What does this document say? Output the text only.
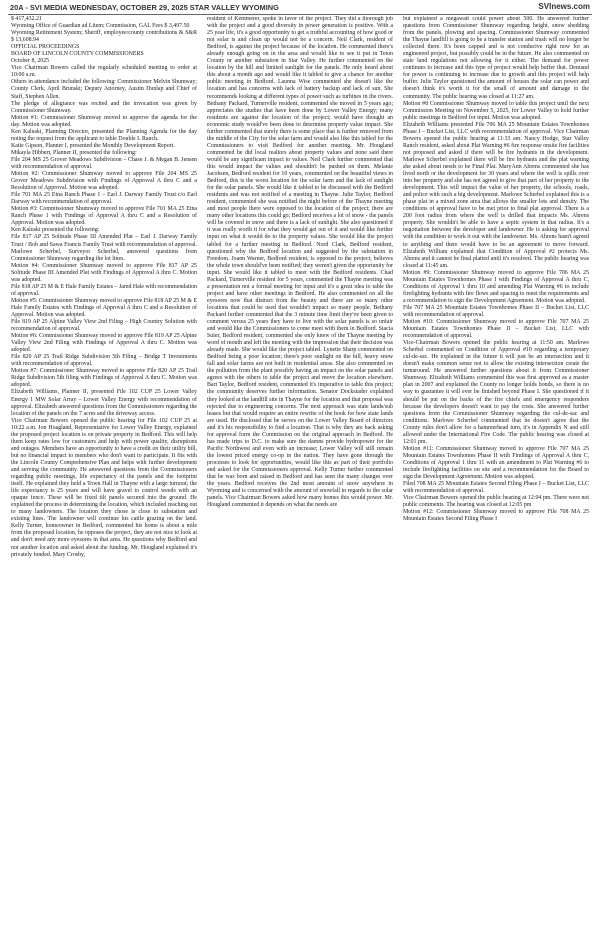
20A - SVI MEDIA WEDNESDAY, OCTOBER 29, 2025 STAR VALLEY WYOMING	SVInews.com

$ 417,432.21

Wyoming Office of Guardian ad Litem; Commission, GAL Fees $ 3,497.50

Wyoming Retirement System; Sheriff, employee/county contributions & S&R $ 13,608.94

OFFICIAL PROCEEDINGS

BOARD OF LINCOLN COUNTY COMMISSIONERS

October 8, 2025

Vice Chairman Bowers called the regularly scheduled meeting to order at 10:00 a.m.

Others in attendance included the following: Commissioner Melvin Shumway; County Clerk, April Brunski; Deputy Attorney, Austin Dunlap and Chief of Staff, Stephen Allen.

The pledge of allegiance was recited and the invocation was given by Commissioner Shumway.

Motion #1: Commissioner Shumway moved to approve the agenda for the day. Motion was adopted.

Ken Kaluski, Planning Director, presented the Planning Agenda for the day noting the request from the applicant to table Double L Ranch.

Katie Gipson, Planner I, presented the Monthly Development Report.

Mikayla Hibbert, Planner II, presented the following:

File 204 MS 25 Grover Meadows Subdivision – Chase J. & Megan B. Jensen with recommendation of approval.

Motion #2: Commissioner Shumway moved to approve File 204 MS 25 Grover Meadows Subdivision with Findings of Approval A thru C and a Resolution of Approval. Motion was adopted.

File 701 MA 25 Etna Ranch Phase 1 – Earl J. Darway Family Trust c/o Earl Darway with recommendation of approval.

Motion #3: Commissioner Shumway moved to approve File 701 MA 25 Etna Ranch Phase 1 with Findings of Approval A thru C and a Resolution of Approval. Motion was adopted.

Ken Kaluski presented the following:

File 817 AP 25 Solitude Phase III Amended Plat – Earl J. Darway Family Trust / Bob and Sawa Francis Family Trust with recommendation of approval. Marlowe Scherbel, Surveyor Scherbel, answered questions from Commissioner Shumway regarding the lot lines.

Motion #4: Commissioner Shumway moved to approve File 817 AP 25 Solitude Phase III Amended Plat with Findings of Approval A thru C. Motion was adopted.

File 818 AP 25 M & E Hale Family Estates – Jared Hale with recommendation of approval.

Motion #5: Commissioner Shumway moved to approve File 818 AP 25 M & E Hale Family Estates with Findings of Approval A thru C and a Resolution of Approval. Motion was adopted.

File 819 AP 25 Alpine Valley View 2nd Filing – High Country Solution with recommendation of approval.

Motion #6: Commissioner Shumway moved to approve File 819 AP 25 Alpine Valley View 2nd Filing with Findings of Approval A thru C. Motion was adopted.

File 820 AP 25 Trail Ridge Subdivision 5th Filing – Bridge T Investments with recommendation of approval.

Motion #7: Commissioner Shumway moved to approve File 820 AP 25 Trail Ridge Subdivision 5th filing with Findings of Approval A thru C. Motion was adopted.

Elizabeth Williams, Planner II, presented File 102 CUP 25 Lower Valley Energy 1 MW Solar Array – Lower Valley Energy with recommendation of approval. Elizabeth answered questions from the Commissioners regarding the location of the panels on the 7 acres and the driveway access.

Vice Chairman Bowers opened the public hearing for File 102 CUP 25 at 10:22 a.m. Jon Hoagland, Representative for Lower Valley Energy, explained the proposed project location is on private property in Bedford. This will help them keep rates low for customers and help with power quality, disruptions and outages. Members have an opportunity to have a credit on their utility bill, but no financial impact to members who don't want to participate. It fits with the Lincoln County Comprehensive Plan and helps with further development and serving the community. He answered questions from the Commissioners regarding public meetings, life expectancy of the panels and the footprint itself. He explained they held a Town Hall in Thayne with a large turnout; the life expectancy is 25 years and will have gravel to control weeds with an opaque fence. These will be fixed tilt panels secured into the ground. He explained the process in determining the location, which included reaching out to many landowners. The location they chose is close to substation and existing lines. The landowner will continue his cattle grazing on the land. Kelly Turner, homeowner in Bedford, commented his home is about a mile from the proposed location, he opposes the project, they are not nice to look at and don't need any more eyesores in that area. He questions why Bedford and not another location and asked about the funding. Mr. Hougland explained it's privately funded. Mary Crosby,

resident of Kemmerer, spoke in favor of the project. They did a thorough job with the project and a good diversity in power generation is positive. With a 25 year life, it's a good opportunity to get a truthful accounting of how good or not solar is and clean up would not be a concern. Neil Clark, resident of Bedford, is against the project because of the location. He commented there's already enough going on in the area and would like to see it put in Teton County or another substation in Star Valley. He further commented on the location by the hill and limited sunlight for the panels. He only heard about this about a month ago and would like it tabled to give a chance for another public meeting in Bedford. Launna Wise commented she doesn't like the location and has concerns with lack of battery backup and lack of sun. She recommends looking at different types of power such as turbines in the rivers. Bethany Packard, Turnerville resident, commented she moved in 5 years ago; appreciates the studies that have been done by Lower Valley Energy; many residents are against the location of the project; would have thought an economic study would've been done to determine property value impact. She further commented that surely there is some place that is further removed from the middle of the City for the solar farm and would also like this tabled for the Commissioners to visit Bedford for another meeting. Mr. Hougland commented he did local realtors about property values and none said there would be any significant impact to values. Neil Clark further commented that this would impact the values and shouldn't be pushed on them. Melanie Jacobsen, Bedford resident for 10 years, commented on the beautiful views in Bedford, this is the worst location for the solar farm and the lack of sunlight for the solar panels. She would like it tabled to be discussed with the Bedford residents and was not notified of a meeting in Thayne. Julie Taylor, Bedford resident, commented she was notified the night before of the Thayne meeting and most people there were opposed to the location of the project; there are many other locations this could go; Bedford receives a lot of snow - the panels will be covered in snow and there is a lack of sunlight. She also questioned if it was really worth it for what they would get out of it and would like further input on what it would do to the property values. She would like the project tabled for a further meeting in Bedford. Nord Clark, Bedford resident, questioned why the Bedford location and suggested by the substation in Freedom. Joann Warner, Bedford resident, is opposed to the project; believes the whole town should've been notified; they weren't given the opportunity for input. She would like it tabled to meet with the Bedford residents. Chad Packard, Turnerville resident for 5 years, commented the Thayne meeting was a presentation not a formal meeting for input and it's a great idea to table the project and have other meetings in Bedford. He also commented on all the eyesores now that distract from the beauty and there are so many other locations that could be used that wouldn't impact so many people. Bethany Packard further commented that the 3 minute time limit they've been given to comment versus 25 years they have to live with the solar panels is so unfair and would like the Commissioners to come meet with them in Bedford. Stacia Suter, Bedford resident, commented she only knew of the Thayne meeting by word of mouth and left the meeting with the impression that their decision was already made. She would like the project tabled. Lynette Sharp commented on Bedford being a poor location; there's poor sunlight on the hill, heavy snow fall and solar farms are not built in residential areas. She also commented on the pollution from the plant possibly having an impact on the solar panels and agrees with the others to table the project and move the location elsewhere. Bart Taylor, Bedford resident, commented it's imperative to table this project; the community deserves further information. Senator Dockstader explained they looked at the landfill site in Thayne for the location and that proposal was rejected due to engineering concerns. The next approach was state lands/sub leases but that would require an entire rewrite of the book for how state lands are used. He disclosed that he serves on the Lower Valley Board of directors and it's his responsibility to find a location. That is why they are back asking for approval form the Commission on the original approach in Bedford. He has made trips to D.C. to make sure the damns provide hydropower for the Pacific Northwest and even with an increase; Lower Valley will still remain the lowest priced energy co-op in the nation. They have gone through the processes to look for opportunities, would like this as part of their portfolio and asked for the Commissioners approval. Kelly Turner further commented that he was born and raised in Bedford and has seen the many changes over the years. Bedford receives the 2nd most amount of snow anywhere in Wyoming and is concerned with the amount of snowfall in regards to the solar panels. Vice Chairman Bowers asked how many homes this would power. Mr. Hougland commented it depends on what the needs are

but explained a megawatt could power about 500. He answered further questions from Commissioner Shumway regarding height, snow shedding from the panels, plowing and spacing. Commissioner Shumway commented the Thayne landfill is going to be a transfer station and trash will no longer be collected there. It's been capped and is not conducive right now for an engineered project, but possibly could be in the future. He also commented on state land regulations not allowing for it either. The demand for power continues to increase and this type of project would help buffer that. Demand for power is continuing to increase due to growth and this project will help buffer. Julie Taylor questioned the amount of houses the solar can power and doesn't think it's worth it for the small of amount and damage to the community. The public hearing was closed at 11:27 am.

Motion #8 Commissioner Shumway moved to table this project until the next Commission Meeting on November 5, 2025, for Lower Valley to hold further public meetings in Bedford for input. Motion was adopted.

Elizabeth Williams presented File 706 MA 25 Mountain Estates Townhomes Phase I – Bucket List, LLC with recommendation of approval. Vice Chairman Bowers opened the public hearing at 11:33 am. Nancy Hodge, Star Valley Ranch resident, asked about Plat Warning #6 fire response onsite fire facilities not proposed and asked if there will be fire hydrants in the development. Marlowe Scherbel explained there will be fire hydrants and the plat warning she asked about needs to be Final Plat. MaryAnn Ahrens commented she has lived north or the development for 30 years and where the well is spills over into her property and she has not agreed to give that part of her property to the development. This will impact the value of her property, the schools, roads, and police with such a big development. Marlowe Scherbel explained this is a phase plat in a mixed zone area that allows the smaller lots and density. The conditions of approval have to be met prior to final plat approval. There is a 200 foot radius from where the well is drilled that impacts Ms. Ahrens property. She wouldn't be able to have a septic system in that radius. It's a negotiation between the developer and landowner. He is asking for approval with the condition to work it out with the landowner. Ms. Ahrens hasn't agreed to anything and there would have to be an agreement to move forward. Elizabeth William explained that Condition of Approval #2 protects Ms. Ahrens and it cannot be final platted until it's resolved. The public hearing was closed at 11:45 am.

Motion #9: Commissioner Shumway moved to approve File 706 MA 25 Mountain Estates Townhomes Phase I with Findings of Approval A thru C, Conditions of Approval 1 thru 10 and amending Plat Warning #6 to include firefighting hydrants with fire flows and spacing to meet the requirements and a recommendation to sign the Development Agreement. Motion was adopted.

File 707 MA 25 Mountain Estates Townhomes Phase II – Bucket List, LLC with recommendation of approval.

Motion #10: Commissioner Shumway moved to approve File 707 MA 25 Mountain Estates Townhomes Phase II – Bucket List, LLC with recommendation of approval.

Vice-Chairman Bowers opened the public hearing at 11:50 am. Marlowe Scherbel commented on Condition of Approval #10 regarding a temporary cul-de-sac. He explained in the future it will just be an intersection and it doesn't make common sense not to allow the existing intersection create the turnaround. He answered further questions about it from Commissioner Shumway. Elizabeth Williams commented this was first approved as a master plan in 2007 and explained the County no longer holds bonds, so there is no way to guarantee it will ever be finished beyond Phase I. She questioned if it should be put on the backs of the fire chiefs and emergency responders because the developers doesn't want to pay the costs. She answered further questions from the Commissioner Shumway regarding the cul-de-sac and conditions. Marlowe Scherbel commented that he doesn't agree that the County rules don't allow for a hammerhead turn, it's in Appendix N and still allowed under the International Fire Code. The public hearing was closed at 12:01 pm.

Motion #11: Commissioner Shumway moved to approve File 707 MA 25 Mountain Estates Townhomes Phase II with Findings of Approval A thru C, Conditions of Approval 1 thru 11 with an amendment to Plat Warning #6 to include firefighting facilities on site and a recommendation for the Board to sign the Development Agreement. Motion was adopted.

Filed 708 MA 25 Mountain Estates Second Filing Phase I – Bucket List, LLC with recommendation of approval.

Vice Chairman Bowers opened the public hearing at 12:04 pm. There were not public comments. The hearing was closed at 12:05 pm

Motion #12: Commissioner Shumway moved to approve File 708 MA 25 Mountain Estates Second Filing Phase I
